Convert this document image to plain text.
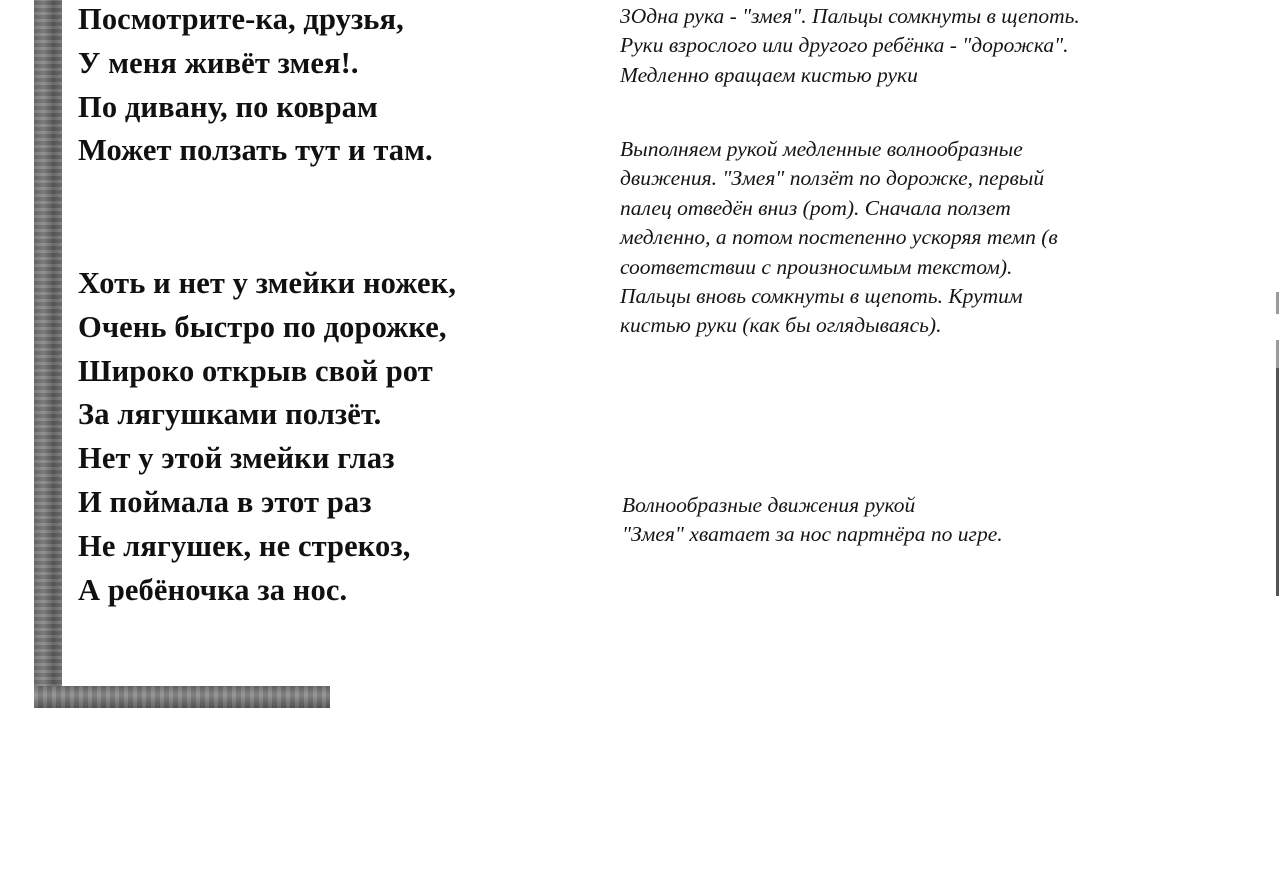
Посмотрите-ка, друзья,
У меня живёт змея!.
По дивану, по коврам
Может ползать тут и там.
Хоть и нет у змейки ножек,
Очень быстро по дорожке,
Широко открыв свой рот
За лягушками ползёт.
Нет у этой змейки глаз
И поймала в этот раз
Не лягушек, не стрекоз,
А ребёночка за нос.
3Одна рука - "змея". Пальцы сомкнуты в щепоть.
Руки взрослого или другого ребёнка - "дорожка".
Медленно вращаем кистью руки
Выполняем рукой медленные волнообразные
движения. "Змея" ползёт по дорожке, первый
палец отведён вниз (рот). Сначала ползет
медленно, а потом постепенно ускоряя темп (в
соответствии с произносимым текстом).
Пальцы вновь сомкнуты в щепоть. Крутим
кистью руки (как бы оглядываясь).
Волнообразные движения рукой
"Змея" хватает за нос партнёра по игре.
